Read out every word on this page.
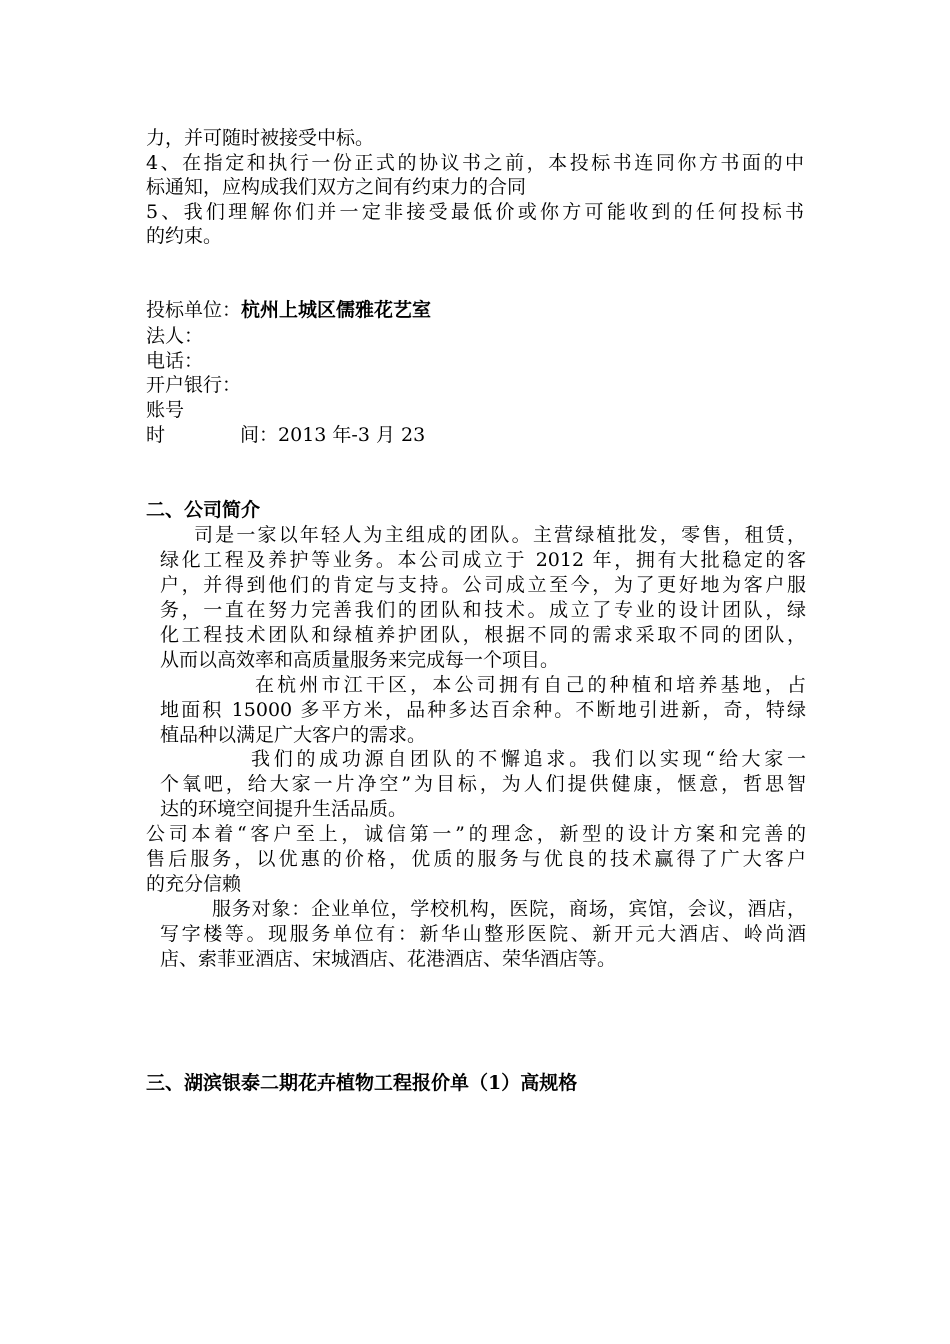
力，并可随时被接受中标。
4、在指定和执行一份正式的协议书之前，本投标书连同你方书面的中
标通知，应构成我们双方之间有约束力的合同
5、我们理解你们并一定非接受最低价或你方可能收到的任何投标书
的约束。
投标单位：杭州上城区儒雅花艺室
法人：
电话：
开户银行：
账号
时	间：2013 年-3 月 23
二、公司简介
司是一家以年轻人为主组成的团队。主营绿植批发，零售，租赁，
绿化工程及养护等业务。本公司成立于 2012 年，拥有大批稳定的客
户，并得到他们的肯定与支持。公司成立至今，为了更好地为客户服
务，一直在努力完善我们的团队和技术。成立了专业的设计团队，绿
化工程技术团队和绿植养护团队，根据不同的需求采取不同的团队，
从而以高效率和高质量服务来完成每一个项目。
在杭州市江干区，本公司拥有自己的种植和培养基地，占
地面积 15000 多平方米，品种多达百余种。不断地引进新，奇，特绿
植品种以满足广大客户的需求。
我们的成功源自团队的不懈追求。我们以实现“给大家一
个氧吧，给大家一片净空”为目标，为人们提供健康，惬意，哲思智
达的环境空间提升生活品质。
公司本着“客户至上，诚信第一”的理念，新型的设计方案和完善的
售后服务，以优惠的价格，优质的服务与优良的技术赢得了广大客户
的充分信赖
服务对象：企业单位，学校机构，医院，商场，宾馆，会议，酒店，
写字楼等。现服务单位有：新华山整形医院、新开元大酒店、岭尚酒
店、索菲亚酒店、宋城酒店、花港酒店、荣华酒店等。
三、湖滨银泰二期花卉植物工程报价单（1）高规格
